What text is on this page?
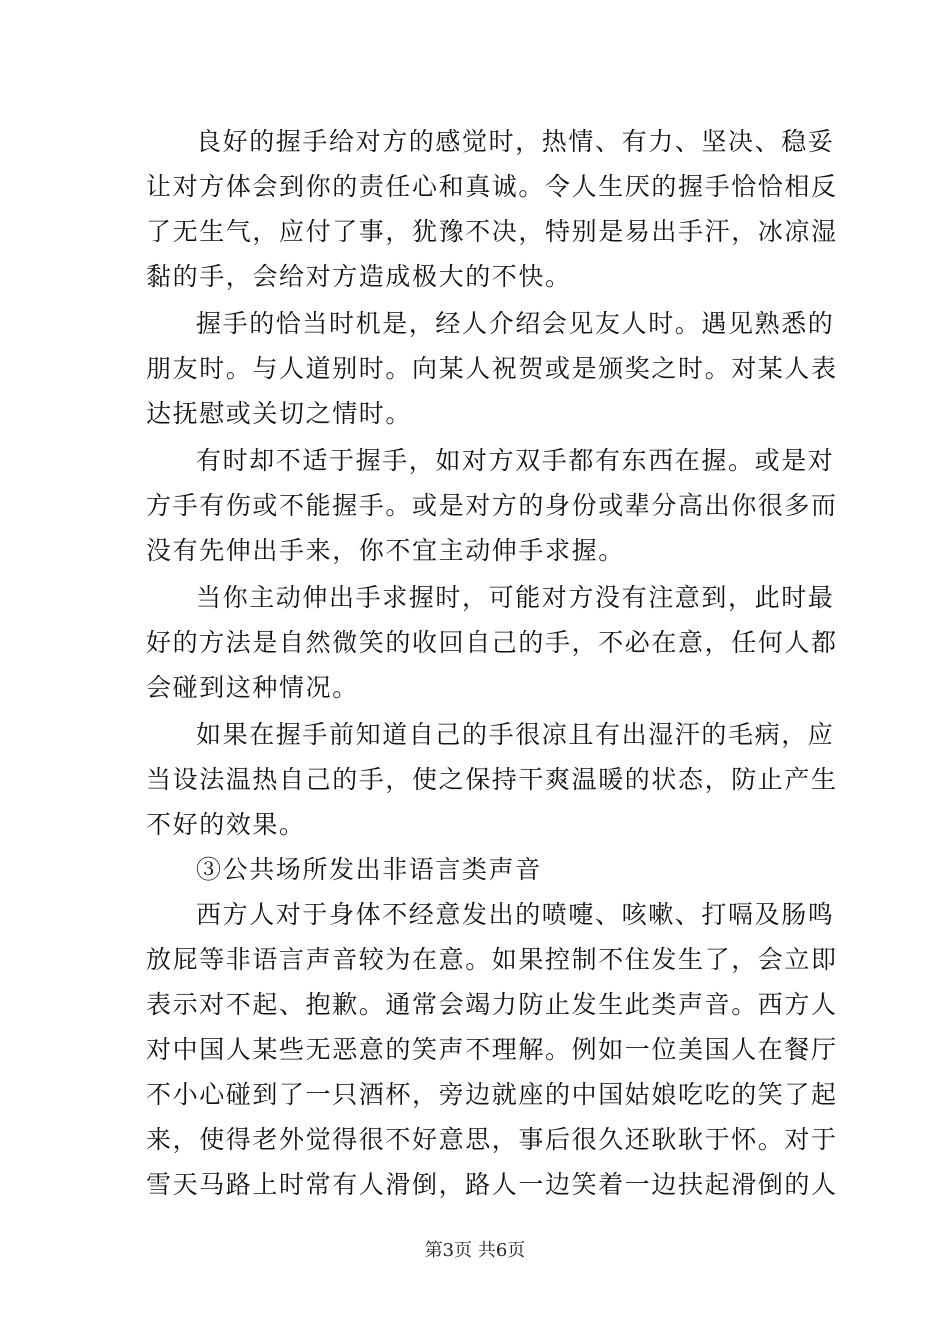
良好的握手给对方的感觉时，热情、有力、坚决、稳妥
让对方体会到你的责任心和真诚。令人生厌的握手恰恰相反
了无生气，应付了事，犹豫不决，特别是易出手汗，冰凉湿
黏的手，会给对方造成极大的不快。
握手的恰当时机是，经人介绍会见友人时。遇见熟悉的
朋友时。与人道别时。向某人祝贺或是颁奖之时。对某人表
达抚慰或关切之情时。
有时却不适于握手，如对方双手都有东西在握。或是对
方手有伤或不能握手。或是对方的身份或辈分高出你很多而
没有先伸出手来，你不宜主动伸手求握。
当你主动伸出手求握时，可能对方没有注意到，此时最
好的方法是自然微笑的收回自己的手，不必在意，任何人都
会碰到这种情况。
如果在握手前知道自己的手很凉且有出湿汗的毛病，应
当设法温热自己的手，使之保持干爽温暖的状态，防止产生
不好的效果。
③公共场所发出非语言类声音
西方人对于身体不经意发出的喷嚏、咳嗽、打嗝及肠鸣
放屁等非语言声音较为在意。如果控制不住发生了，会立即
表示对不起、抱歉。通常会竭力防止发生此类声音。西方人
对中国人某些无恶意的笑声不理解。例如一位美国人在餐厅
不小心碰到了一只酒杯，旁边就座的中国姑娘吃吃的笑了起
来，使得老外觉得很不好意思，事后很久还耿耿于怀。对于
雪天马路上时常有人滑倒，路人一边笑着一边扶起滑倒的人
第3页 共6页
